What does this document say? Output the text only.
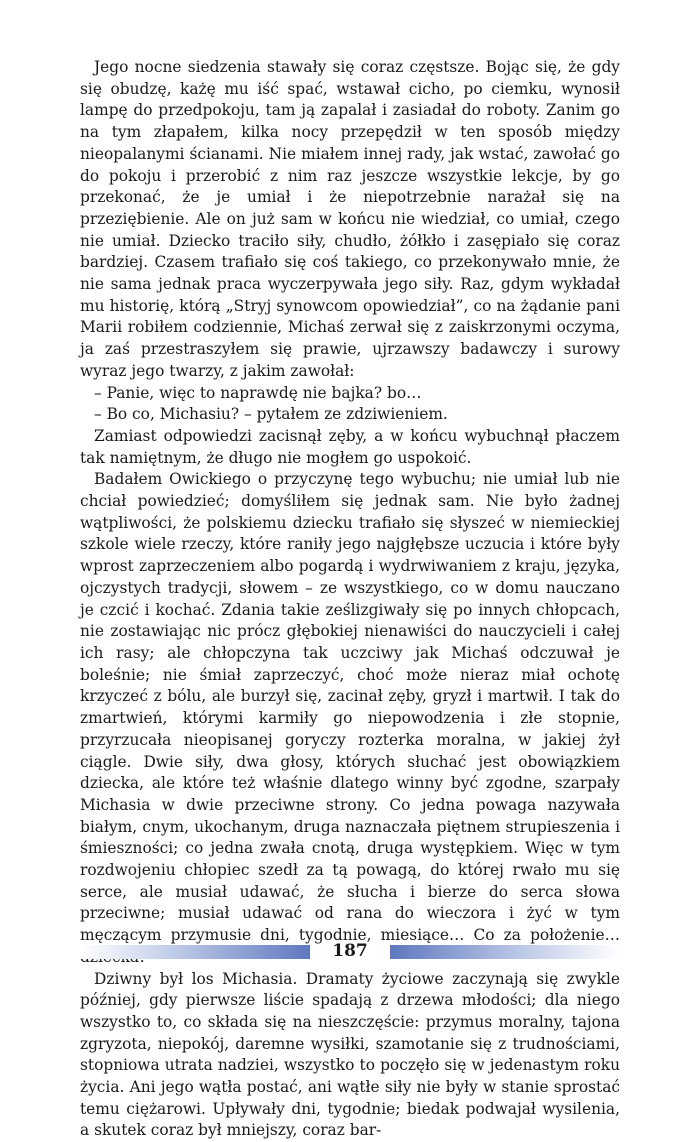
Jego nocne siedzenia stawały się coraz częstsze. Bojąc się, że gdy się obudzę, każę mu iść spać, wstawał cicho, po ciemku, wynosił lampę do przedpokoju, tam ją zapalał i zasiadał do roboty. Zanim go na tym złapałem, kilka nocy przepędził w ten sposób między nieopalanymi ścianami. Nie miałem innej rady, jak wstać, zawołać go do pokoju i przerobić z nim raz jeszcze wszystkie lekcje, by go przekonać, że je umiał i że niepotrzebnie narażał się na przeziębienie. Ale on już sam w końcu nie wiedział, co umiał, czego nie umiał. Dziecko traciło siły, chudło, żółkło i zasępiało się coraz bardziej. Czasem trafiało się coś takiego, co przekonywało mnie, że nie sama jednak praca wyczerpywała jego siły. Raz, gdym wykładał mu historię, którą „Stryj synowcom opowiedział”, co na żądanie pani Marii robiłem codziennie, Michaś zerwał się z zaiskrzonymi oczyma, ja zaś przestraszyłem się prawie, ujrzawszy badawczy i surowy wyraz jego twarzy, z jakim zawołał:

– Panie, więc to naprawdę nie bajka? bo…

– Bo co, Michasiu? – pytałem ze zdziwieniem.

Zamiast odpowiedzi zacisnął zęby, a w końcu wybuchnął płaczem tak namiętnym, że długo nie mogłem go uspokoić.

Badałem Owickiego o przyczynę tego wybuchu; nie umiał lub nie chciał powiedzieć; domyśliłem się jednak sam. Nie było żadnej wątpliwości, że polskiemu dziecku trafiało się słyszeć w niemieckiej szkole wiele rzeczy, które raniły jego najgłębsze uczucia i które były wprost zaprzeczeniem albo pogardą i wydrwiwaniem z kraju, języka, ojczystych tradycji, słowem – ze wszystkiego, co w domu nauczano je czcić i kochać. Zdania takie ześlizgiwały się po innych chłopcach, nie zostawiając nic prócz głębokiej nienawiści do nauczycieli i całej ich rasy; ale chłopczyna tak uczciwy jak Michaś odczuwał je boleśnie; nie śmiał zaprzeczyć, choć może nieraz miał ochotę krzyczeć z bólu, ale burzył się, zacinał zęby, gryzł i martwił. I tak do zmartwień, którymi karmiły go niepowodzenia i złe stopnie, przyrzucała nieopisanej goryczy rozterka moralna, w jakiej żył ciągle. Dwie siły, dwa głosy, których słuchać jest obowiązkiem dziecka, ale które też właśnie dlatego winny być zgodne, szarpały Michasia w dwie przeciwne strony. Co jedna powaga nazywała białym, cnym, ukochanym, druga naznaczała piętnem strupieszenia i śmieszności; co jedna zwała cnotą, druga występkiem. Więc w tym rozdwojeniu chłopiec szedł za tą powagą, do której rwało mu się serce, ale musiał udawać, że słucha i bierze do serca słowa przeciwne; musiał udawać od rana do wieczora i żyć w tym męczącym przymusie dni, tygodnie, miesiące… Co za położenie…

Dziwny był los Michasia. Dramaty życiowe zaczynają się zwykle później, gdy pierwsze liście spadają z drzewa młodości; dla niego wszystko to, co składa się na nieszczęście: przymus moralny, tajona zgryzota, niepokój, daremne wysiłki, szamotanie się z trudnościami, stopniowa utrata nadziei, wszystko to poczęło się w jedenastym roku życia. Ani jego wątła postać, ani wątłe siły nie były w stanie sprostać temu ciężarowi. Upływały dni, tygodnie; biedak podwajał wysilenia, a skutek coraz był mniejszy, coraz bar-

187
